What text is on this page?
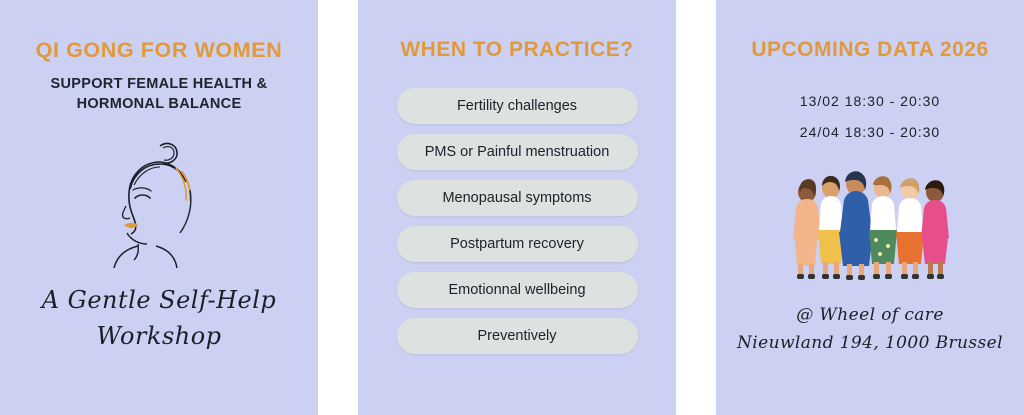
QI GONG FOR WOMEN
SUPPORT FEMALE HEALTH &
HORMONAL BALANCE
A Gentle Self-Help
Workshop
WHEN TO PRACTICE?
Fertility challenges
PMS or Painful menstruation
Menopausal symptoms
Postpartum recovery
Emotionnal wellbeing
Preventively
UPCOMING DATA 2026
13/02 18:30 - 20:30
24/04 18:30 - 20:30
@ Wheel of care
Nieuwland 194, 1000 Brussel
